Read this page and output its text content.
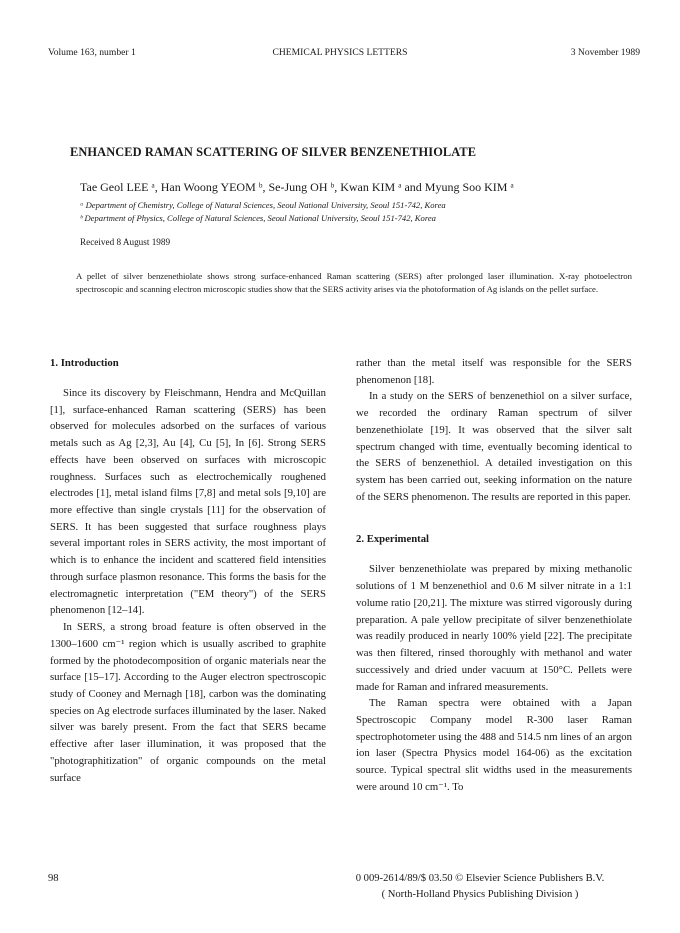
Volume 163, number 1	CHEMICAL PHYSICS LETTERS	3 November 1989
ENHANCED RAMAN SCATTERING OF SILVER BENZENETHIOLATE
Tae Geol LEE ᵃ, Han Woong YEOM ᵇ, Se-Jung OH ᵇ, Kwan KIM ᵃ and Myung Soo KIM ᵃ
ᵃ Department of Chemistry, College of Natural Sciences, Seoul National University, Seoul 151-742, Korea
ᵇ Department of Physics, College of Natural Sciences, Seoul National University, Seoul 151-742, Korea
Received 8 August 1989
A pellet of silver benzenethiolate shows strong surface-enhanced Raman scattering (SERS) after prolonged laser illumination. X-ray photoelectron spectroscopic and scanning electron microscopic studies show that the SERS activity arises via the photoformation of Ag islands on the pellet surface.
1. Introduction

Since its discovery by Fleischmann, Hendra and McQuillan [1], surface-enhanced Raman scattering (SERS) has been observed for molecules adsorbed on the surfaces of various metals such as Ag [2,3], Au [4], Cu [5], In [6]. Strong SERS effects have been observed on surfaces with microscopic roughness. Surfaces such as electrochemically roughened electrodes [1], metal island films [7,8] and metal sols [9,10] are more effective than single crystals [11] for the observation of SERS. It has been suggested that surface roughness plays several important roles in SERS activity, the most important of which is to enhance the incident and scattered field intensities through surface plasmon resonance. This forms the basis for the electromagnetic interpretation ("EM theory") of the SERS phenomenon [12–14].

In SERS, a strong broad feature is often observed in the 1300–1600 cm⁻¹ region which is usually ascribed to graphite formed by the photodecomposition of organic materials near the surface [15–17]. According to the Auger electron spectroscopic study of Cooney and Mernagh [18], carbon was the dominating species on Ag electrode surfaces illuminated by the laser. Naked silver was barely present. From the fact that SERS became effective after laser illumination, it was proposed that the "photographitization" of organic compounds on the metal surface

rather than the metal itself was responsible for the SERS phenomenon [18].

In a study on the SERS of benzenethiol on a silver surface, we recorded the ordinary Raman spectrum of silver benzenethiolate [19]. It was observed that the silver salt spectrum changed with time, eventually becoming identical to the SERS of benzenethiol. A detailed investigation on this system has been carried out, seeking information on the nature of the SERS phenomenon. The results are reported in this paper.

2. Experimental

Silver benzenethiolate was prepared by mixing methanolic solutions of 1 M benzenethiol and 0.6 M silver nitrate in a 1:1 volume ratio [20,21]. The mixture was stirred vigorously during preparation. A pale yellow precipitate of silver benzenethiolate was readily produced in nearly 100% yield [22]. The precipitate was then filtered, rinsed thoroughly with methanol and water successively and dried under vacuum at 150°C. Pellets were made for Raman and infrared measurements.

The Raman spectra were obtained with a Japan Spectroscopic Company model R-300 laser Raman spectrophotometer using the 488 and 514.5 nm lines of an argon ion laser (Spectra Physics model 164-06) as the excitation source. Typical spectral slit widths used in the measurements were around 10 cm⁻¹. To

98	0 009-2614/89/$ 03.50 © Elsevier Science Publishers B.V.
( North-Holland Physics Publishing Division )
